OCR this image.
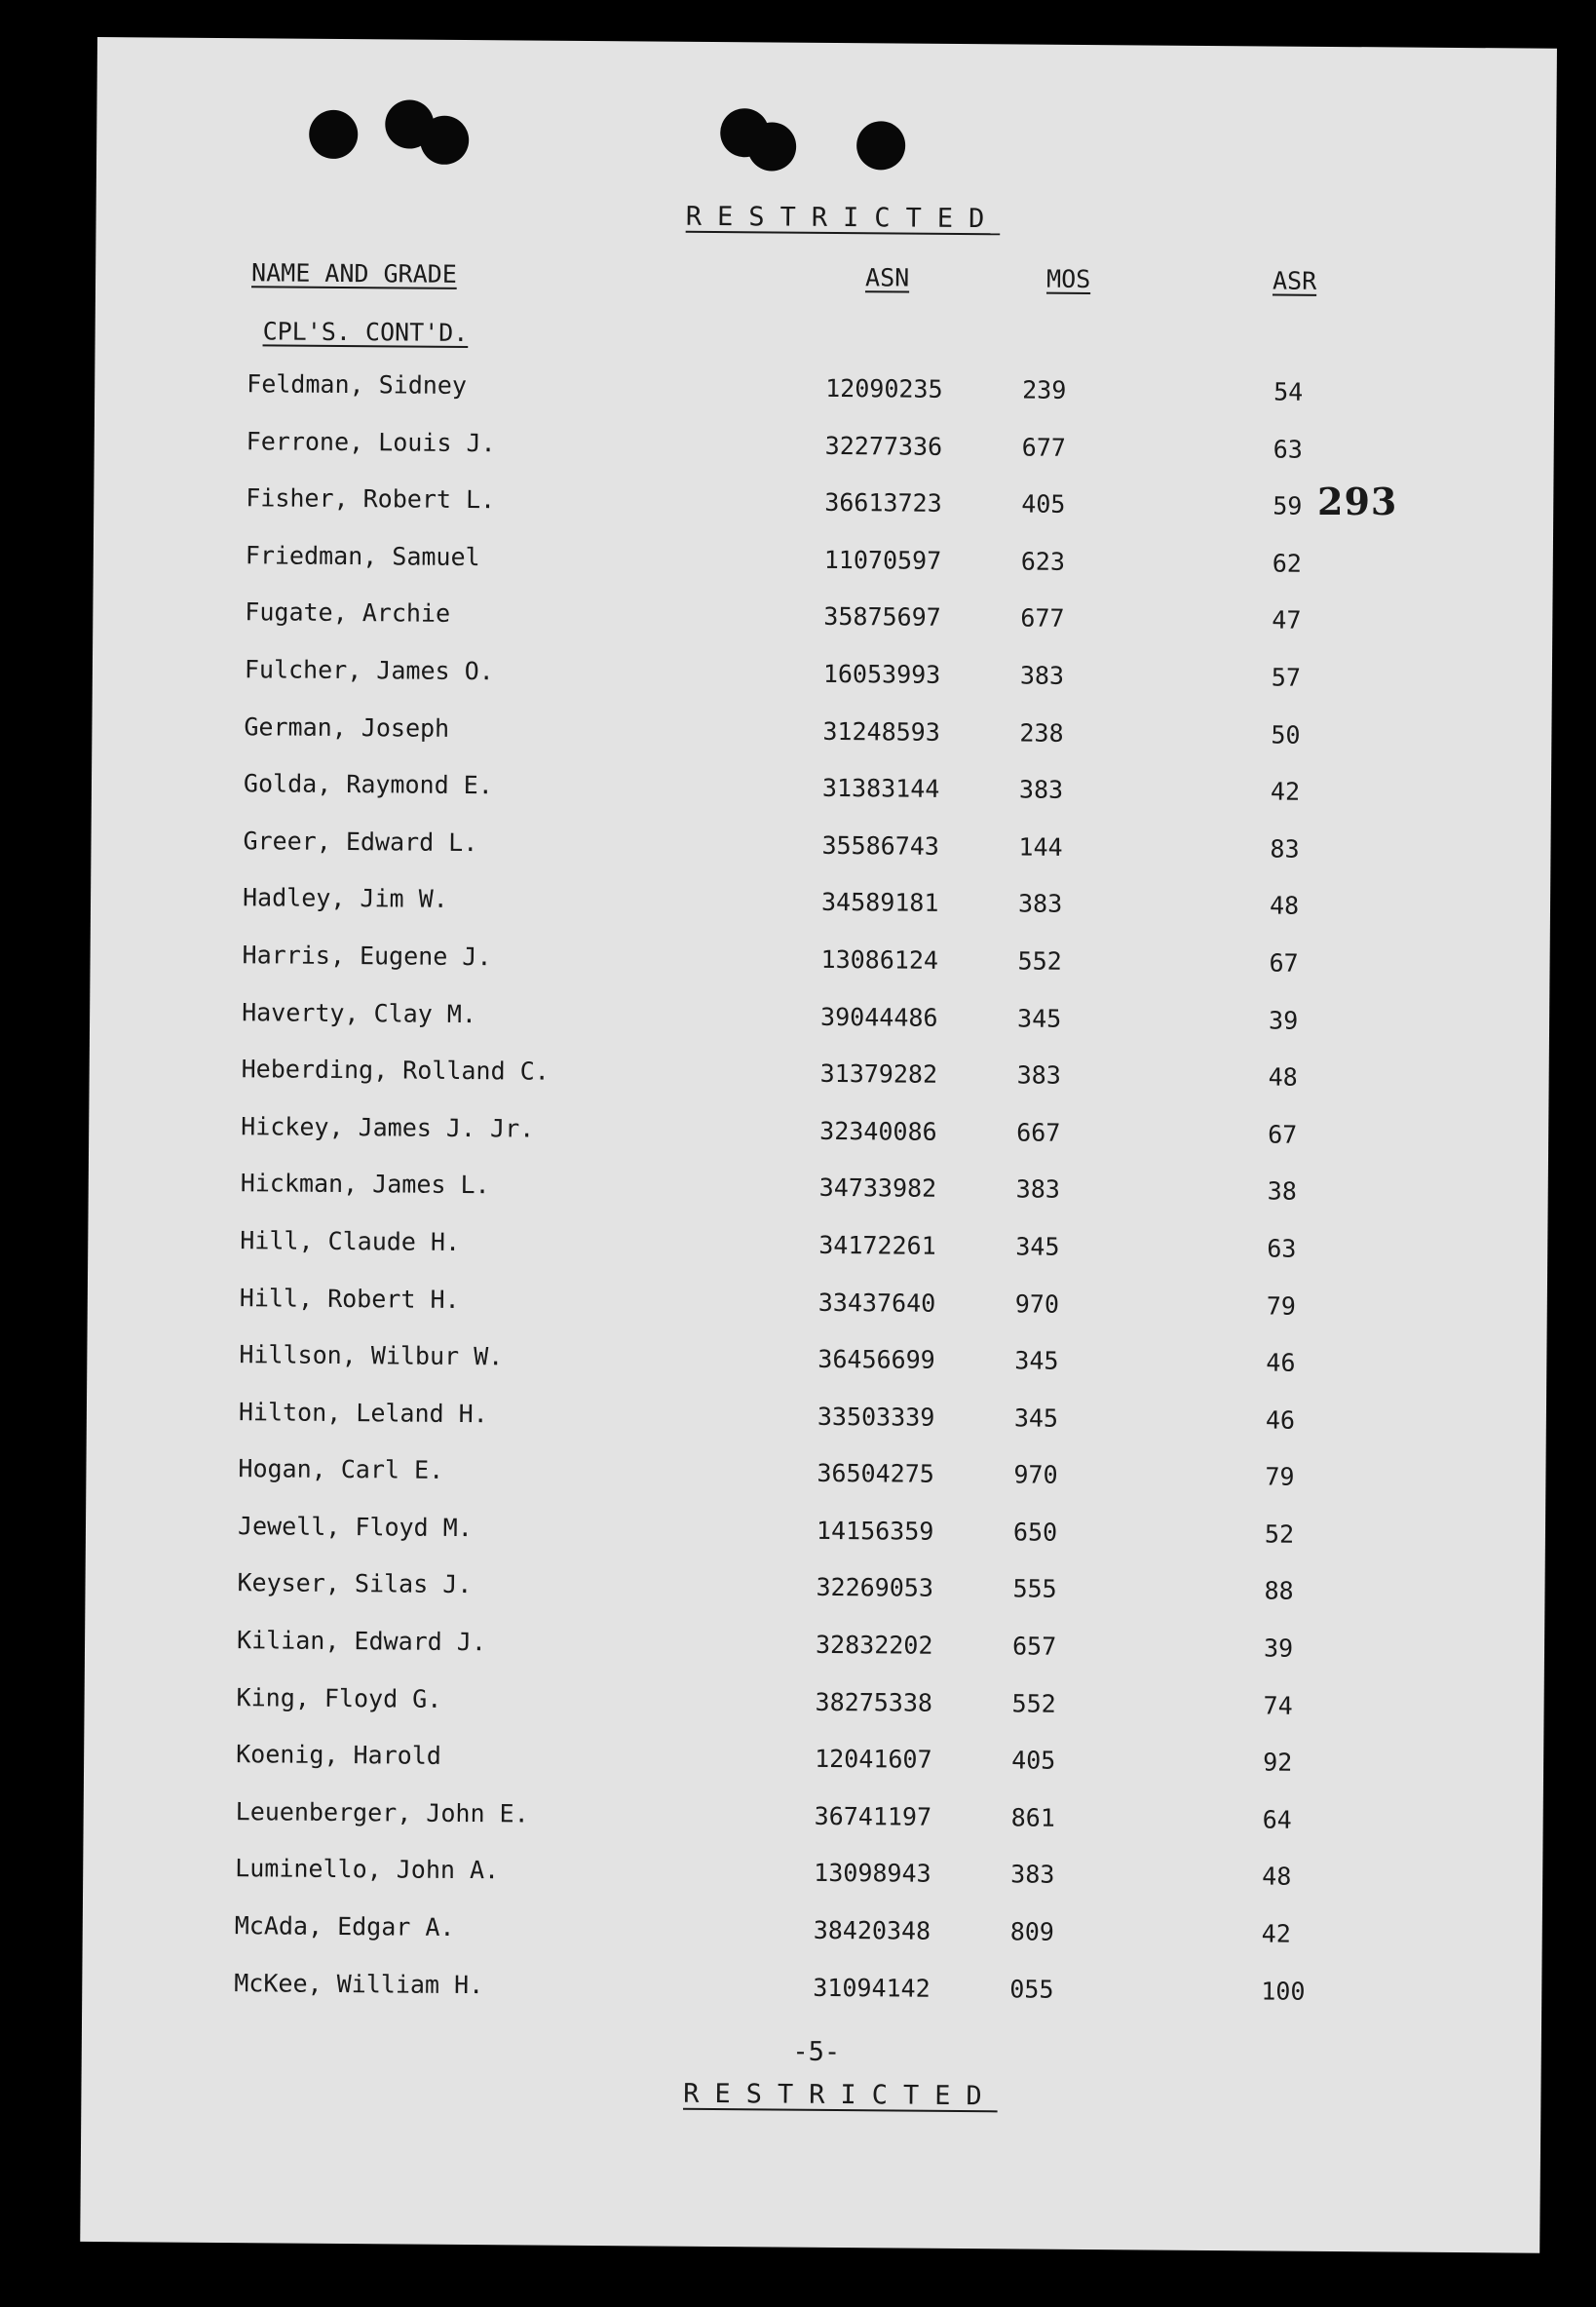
RESTRICTED
NAME AND GRADE	ASN	MOS	ASR
CPL'S. CONT'D.
Feldman, Sidney	12090235	239	54
Ferrone, Louis J.	32277336	677	63
Fisher, Robert L.	36613723	405	59
Friedman, Samuel	11070597	623	62
Fugate, Archie	35875697	677	47
Fulcher, James O.	16053993	383	57
German, Joseph	31248593	238	50
Golda, Raymond E.	31383144	383	42
Greer, Edward L.	35586743	144	83
Hadley, Jim W.	34589181	383	48
Harris, Eugene J.	13086124	552	67
Haverty, Clay M.	39044486	345	39
Heberding, Rolland C.	31379282	383	48
Hickey, James J. Jr.	32340086	667	67
Hickman, James L.	34733982	383	38
Hill, Claude H.	34172261	345	63
Hill, Robert H.	33437640	970	79
Hillson, Wilbur W.	36456699	345	46
Hilton, Leland H.	33503339	345	46
Hogan, Carl E.	36504275	970	79
Jewell, Floyd M.	14156359	650	52
Keyser, Silas J.	32269053	555	88
Kilian, Edward J.	32832202	657	39
King, Floyd G.	38275338	552	74
Koenig, Harold	12041607	405	92
Leuenberger, John E.	36741197	861	64
Luminello, John A.	13098943	383	48
McAda, Edgar A.	38420348	809	42
McKee, William H.	31094142	055	100
-5-
RESTRICTED
293
